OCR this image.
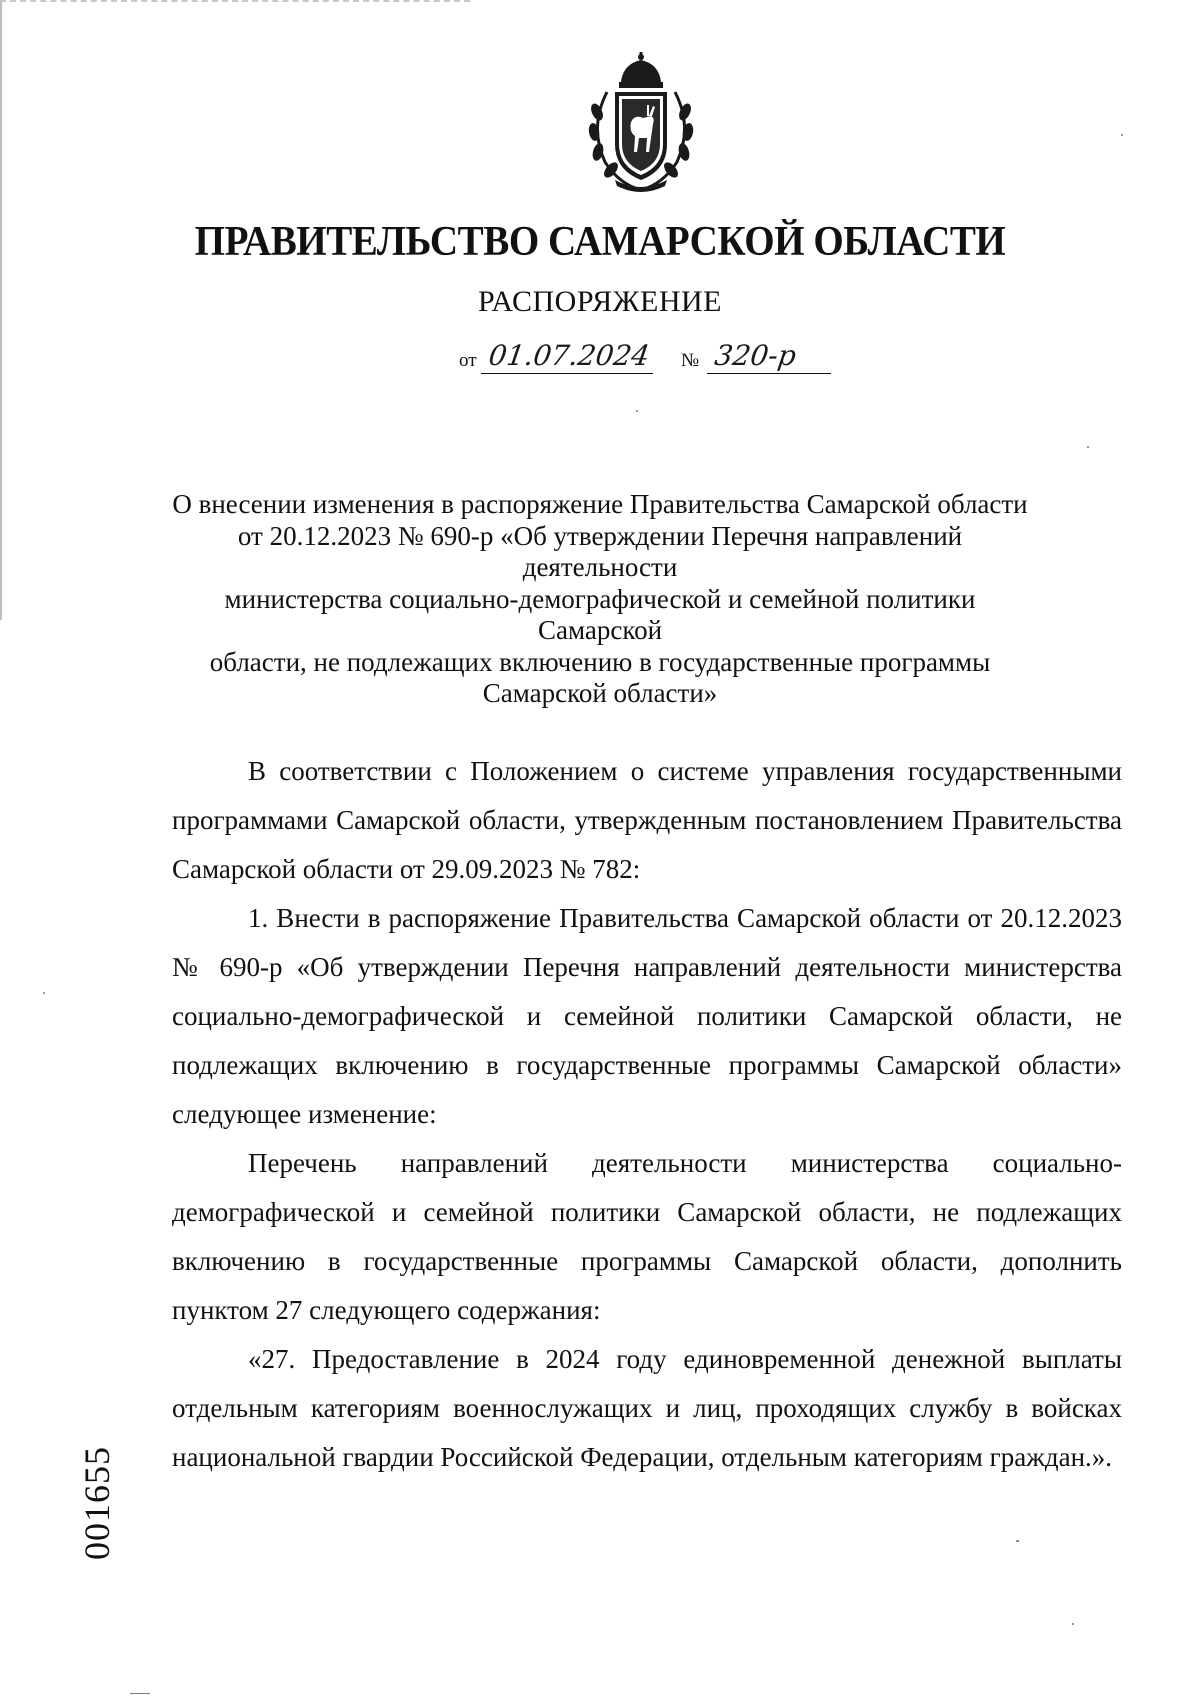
ПРАВИТЕЛЬСТВО САМАРСКОЙ ОБЛАСТИ
РАСПОРЯЖЕНИЕ
от 01.07.2024 № 320-р
О внесении изменения в распоряжение Правительства Самарской области
от 20.12.2023 № 690-р «Об утверждении Перечня направлений деятельности
министерства социально-демографической и семейной политики Самарской
области, не подлежащих включению в государственные программы
Самарской области»

В соответствии с Положением о системе управления государственными программами Самарской области, утвержденным постановлением Правительства Самарской области от 29.09.2023 № 782:

1. Внести в распоряжение Правительства Самарской области от 20.12.2023 № 690-р «Об утверждении Перечня направлений деятельности министерства социально-демографической и семейной политики Самарской области, не подлежащих включению в государственные программы Самарской области» следующее изменение:

Перечень направлений деятельности министерства социально-демографической и семейной политики Самарской области, не подлежащих включению в государственные программы Самарской области, дополнить пунктом 27 следующего содержания:

«27. Предоставление в 2024 году единовременной денежной выплаты отдельным категориям военнослужащих и лиц, проходящих службу в войсках национальной гвардии Российской Федерации, отдельным категориям граждан.».

001655
